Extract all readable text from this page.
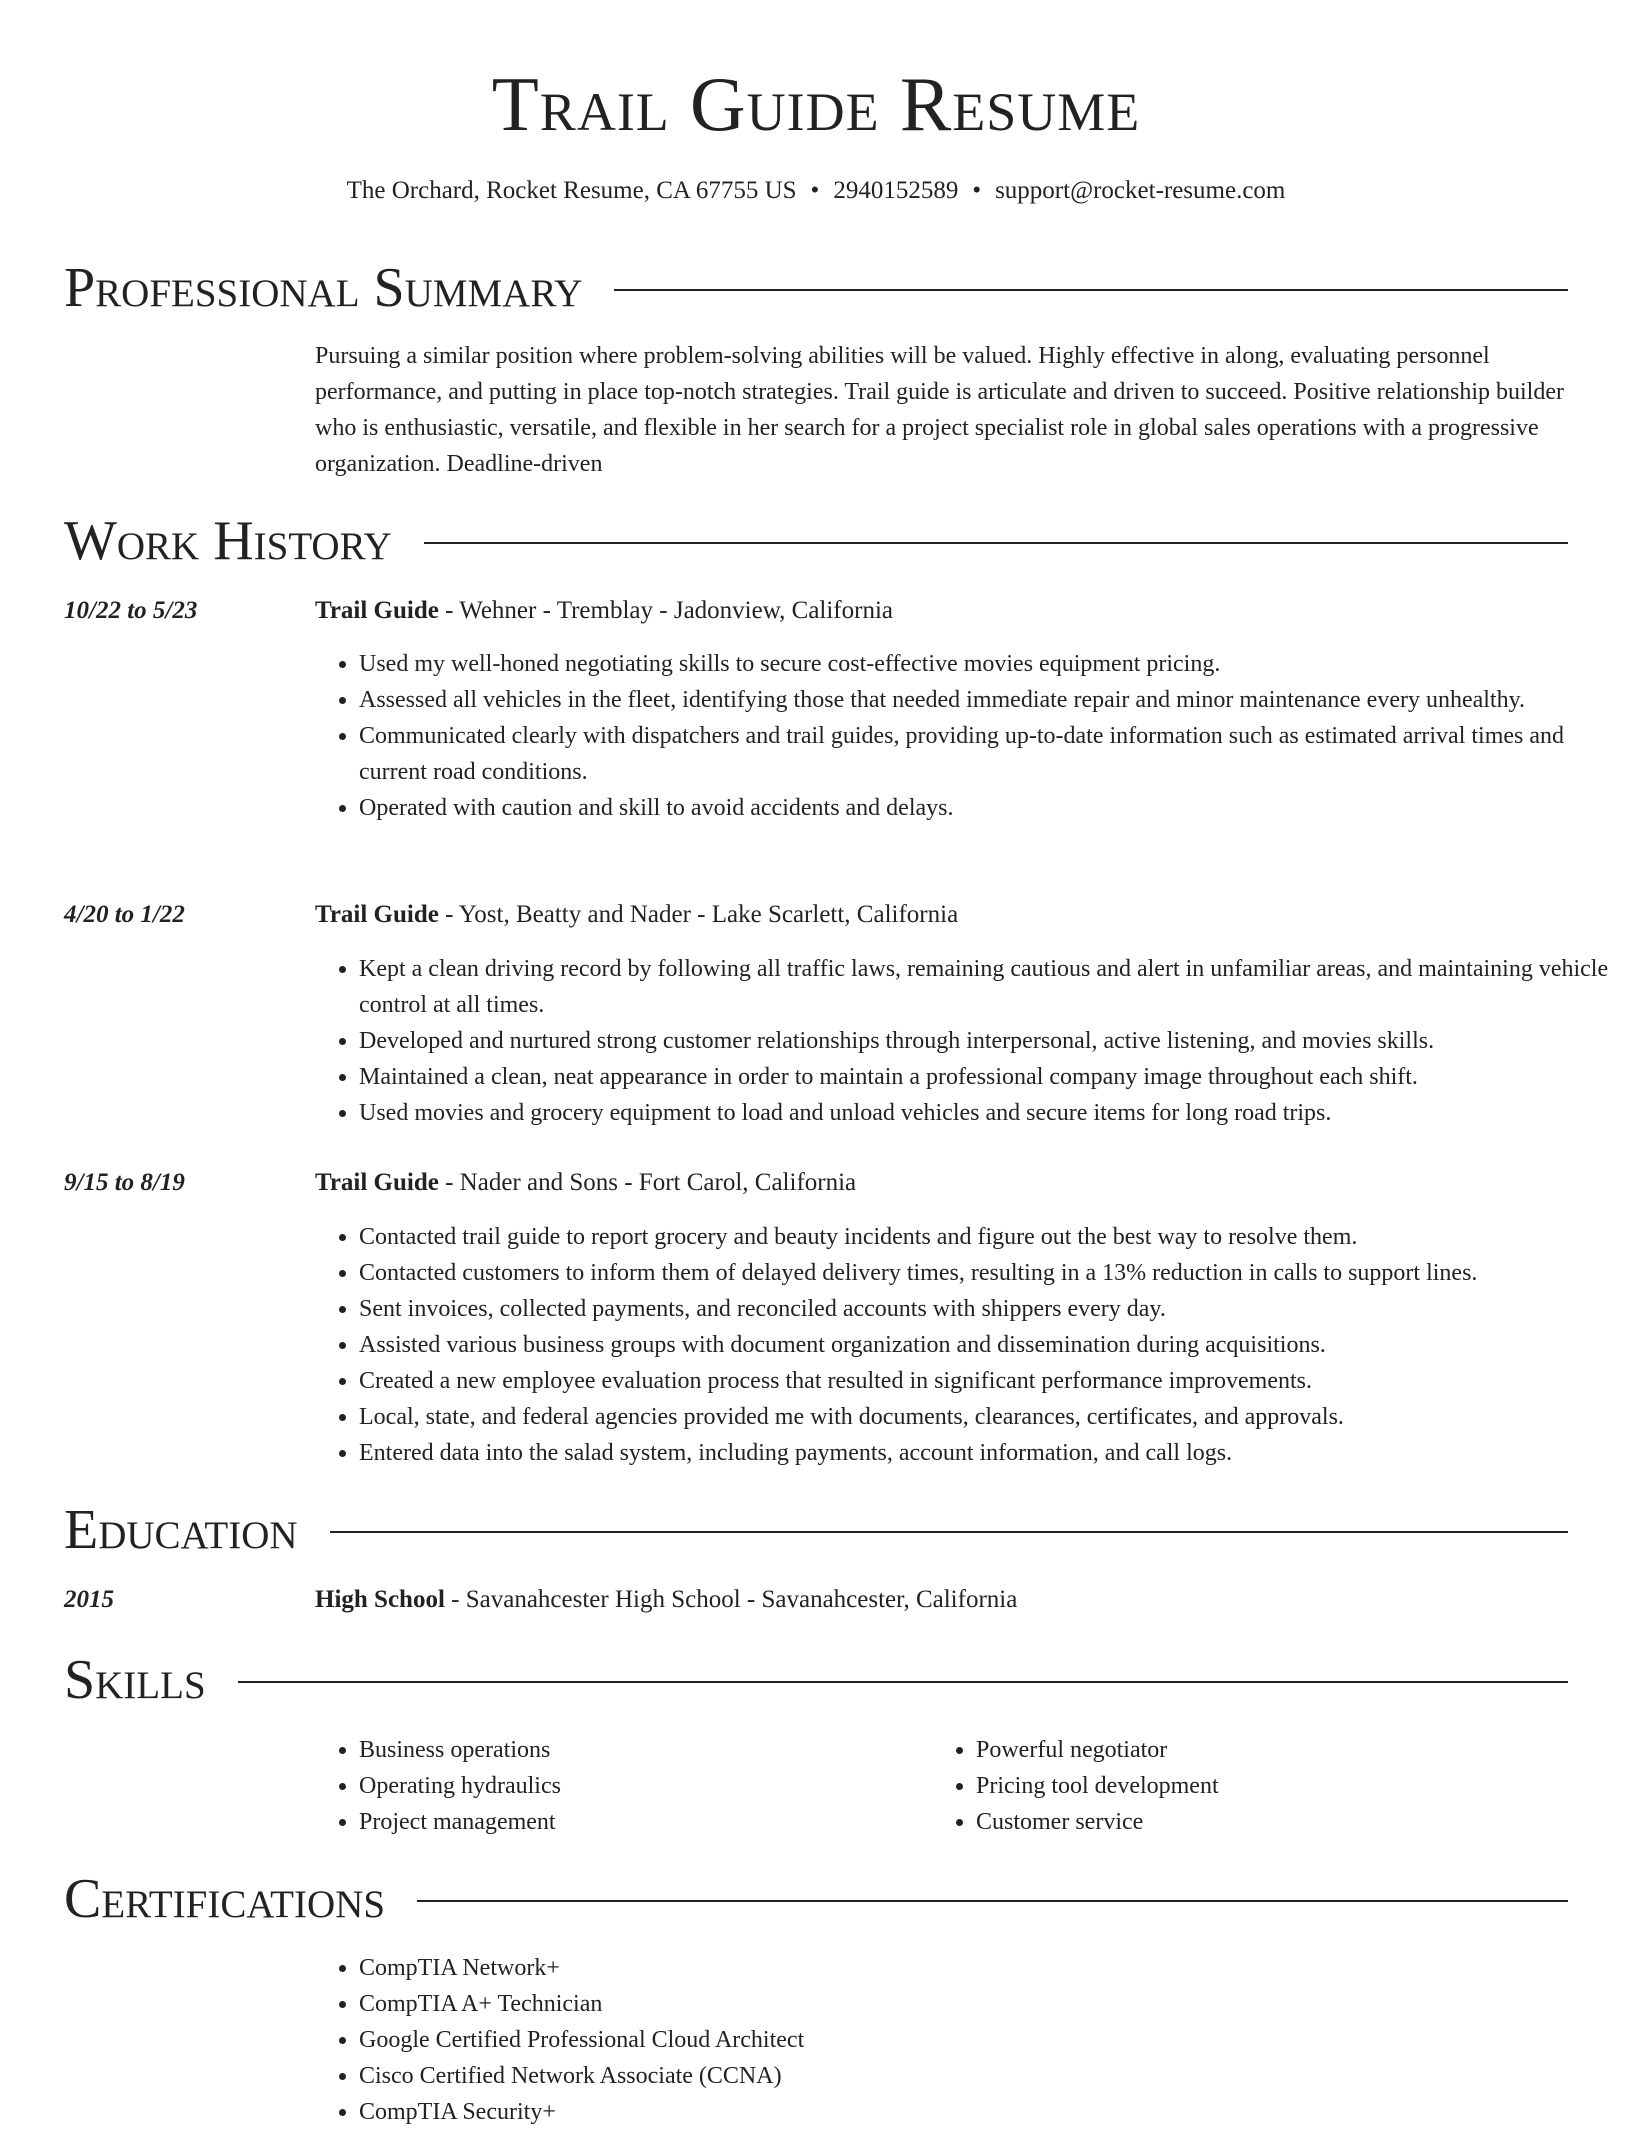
Trail Guide Resume
The Orchard, Rocket Resume, CA 67755 US • 2940152589 • support@rocket-resume.com
Professional Summary
Pursuing a similar position where problem-solving abilities will be valued. Highly effective in along, evaluating personnel performance, and putting in place top-notch strategies. Trail guide is articulate and driven to succeed. Positive relationship builder who is enthusiastic, versatile, and flexible in her search for a project specialist role in global sales operations with a progressive organization. Deadline-driven
Work History
10/22 to 5/23	Trail Guide - Wehner - Tremblay - Jadonview, California
• Used my well-honed negotiating skills to secure cost-effective movies equipment pricing.
• Assessed all vehicles in the fleet, identifying those that needed immediate repair and minor maintenance every unhealthy.
• Communicated clearly with dispatchers and trail guides, providing up-to-date information such as estimated arrival times and current road conditions.
• Operated with caution and skill to avoid accidents and delays.
4/20 to 1/22	Trail Guide - Yost, Beatty and Nader - Lake Scarlett, California
• Kept a clean driving record by following all traffic laws, remaining cautious and alert in unfamiliar areas, and maintaining vehicle control at all times.
• Developed and nurtured strong customer relationships through interpersonal, active listening, and movies skills.
• Maintained a clean, neat appearance in order to maintain a professional company image throughout each shift.
• Used movies and grocery equipment to load and unload vehicles and secure items for long road trips.
9/15 to 8/19	Trail Guide - Nader and Sons - Fort Carol, California
• Contacted trail guide to report grocery and beauty incidents and figure out the best way to resolve them.
• Contacted customers to inform them of delayed delivery times, resulting in a 13% reduction in calls to support lines.
• Sent invoices, collected payments, and reconciled accounts with shippers every day.
• Assisted various business groups with document organization and dissemination during acquisitions.
• Created a new employee evaluation process that resulted in significant performance improvements.
• Local, state, and federal agencies provided me with documents, clearances, certificates, and approvals.
• Entered data into the salad system, including payments, account information, and call logs.
Education
2015	High School - Savanahcester High School - Savanahcester, California
Skills
• Business operations
• Operating hydraulics
• Project management
• Powerful negotiator
• Pricing tool development
• Customer service
Certifications
• CompTIA Network+
• CompTIA A+ Technician
• Google Certified Professional Cloud Architect
• Cisco Certified Network Associate (CCNA)
• CompTIA Security+
